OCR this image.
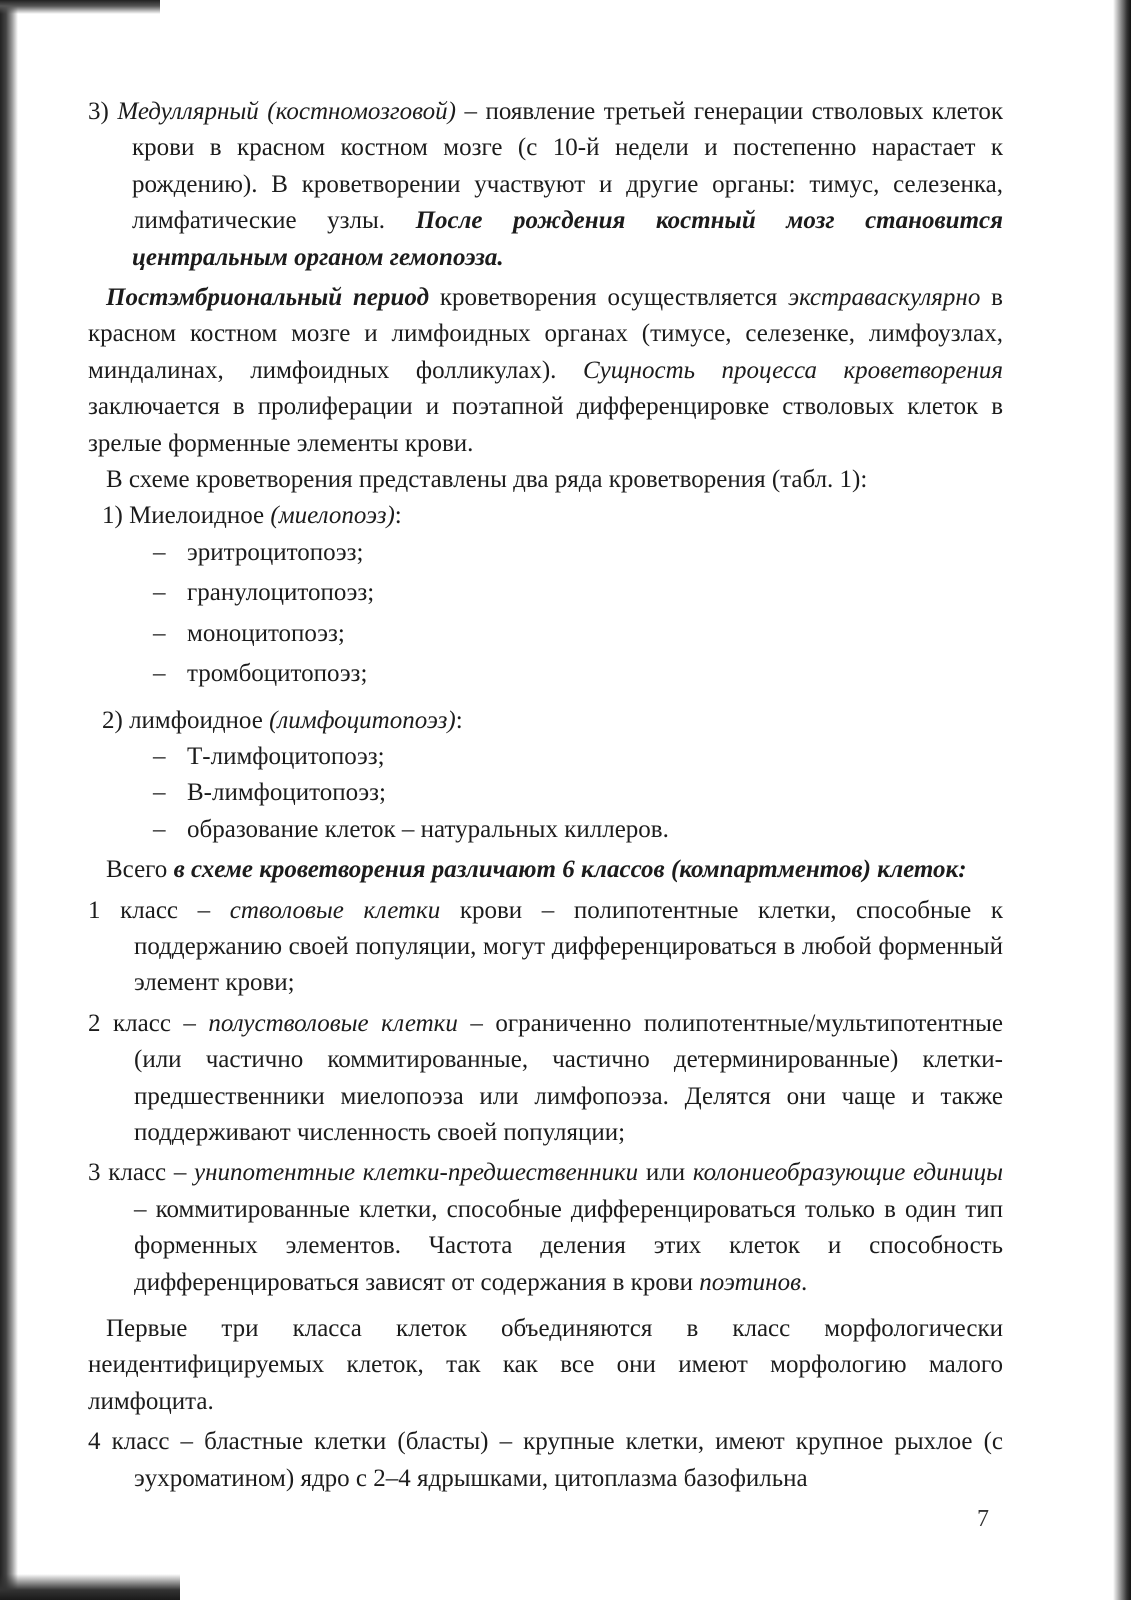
3) Медуллярный (костномозговой) – появление третьей генерации стволовых клеток крови в красном костном мозге (с 10-й недели и постепенно нарастает к рождению). В кроветворении участвуют и другие органы: тимус, селезенка, лимфатические узлы. После рождения костный мозг становится центральным органом гемопоэза.

Постэмбриональный период кроветворения осуществляется экстраваскулярно в красном костном мозге и лимфоидных органах (тимусе, селезенке, лимфоузлах, миндалинах, лимфоидных фолликулах). Сущность процесса кроветворения заключается в пролиферации и поэтапной дифференцировке стволовых клеток в зрелые форменные элементы крови.

В схеме кроветворения представлены два ряда кроветворения (табл. 1):

1) Миелоидное (миелопоэз):

– эритроцитопоэз;
– гранулоцитопоэз;
– моноцитопоэз;
– тромбоцитопоэз;

2) лимфоидное (лимфоцитопоэз):

– Т-лимфоцитопоэз;
– В-лимфоцитопоэз;
– образование клеток – натуральных киллеров.

Всего в схеме кроветворения различают 6 классов (компартментов) клеток:

1 класс – стволовые клетки крови – полипотентные клетки, способные к поддержанию своей популяции, могут дифференцироваться в любой форменный элемент крови;

2 класс – полустволовые клетки – ограниченно полипотентные/мультипотентные (или частично коммитированные, частично детерминированные) клетки-предшественники миелопоэза или лимфопоэза. Делятся они чаще и также поддерживают численность своей популяции;

3 класс – унипотентные клетки-предшественники или колониеобразующие единицы – коммитированные клетки, способные дифференцироваться только в один тип форменных элементов. Частота деления этих клеток и способность дифференцироваться зависят от содержания в крови поэтинов.

Первые три класса клеток объединяются в класс морфологически неидентифицируемых клеток, так как все они имеют морфологию малого лимфоцита.

4 класс – бластные клетки (бласты) – крупные клетки, имеют крупное рыхлое (с эухроматином) ядро с 2–4 ядрышками, цитоплазма базофильна

7
